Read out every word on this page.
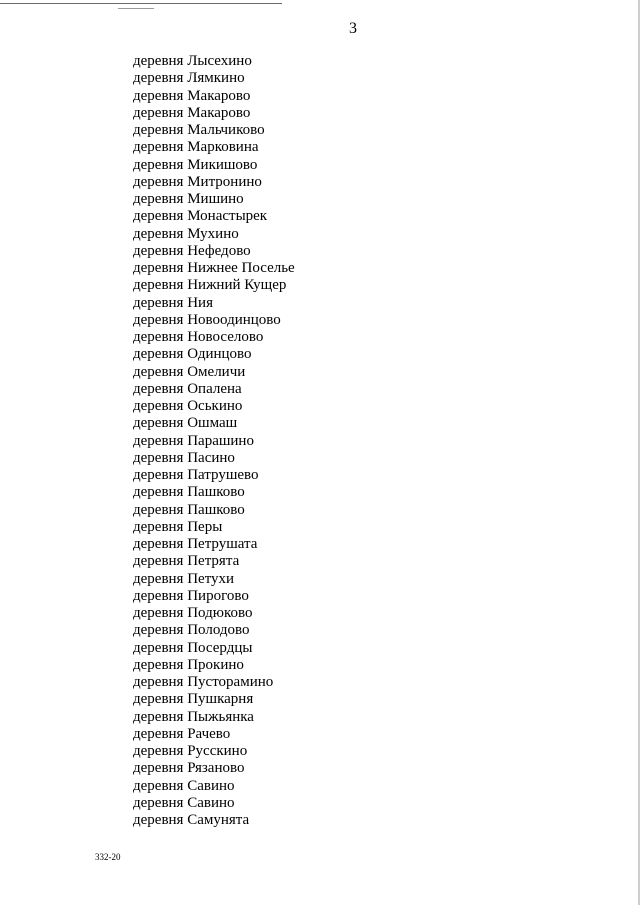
3
деревня Лысехино
деревня Лямкино
деревня Макарово
деревня Макарово
деревня Мальчиково
деревня Марковина
деревня Микишово
деревня Митронино
деревня Мишино
деревня Монастырек
деревня Мухино
деревня Нефедово
деревня Нижнее Поселье
деревня Нижний Кущер
деревня Ния
деревня Новоодинцово
деревня Новоселово
деревня Одинцово
деревня Омеличи
деревня Опалена
деревня Оськино
деревня Ошмаш
деревня Парашино
деревня Пасино
деревня Патрушево
деревня Пашково
деревня Пашково
деревня Перы
деревня Петрушата
деревня Петрята
деревня Петухи
деревня Пирогово
деревня Подюково
деревня Полодово
деревня Посердцы
деревня Прокино
деревня Пусторамино
деревня Пушкарня
деревня Пыжьянка
деревня Рачево
деревня Русскино
деревня Рязаново
деревня Савино
деревня Савино
деревня Самунята
332-20
